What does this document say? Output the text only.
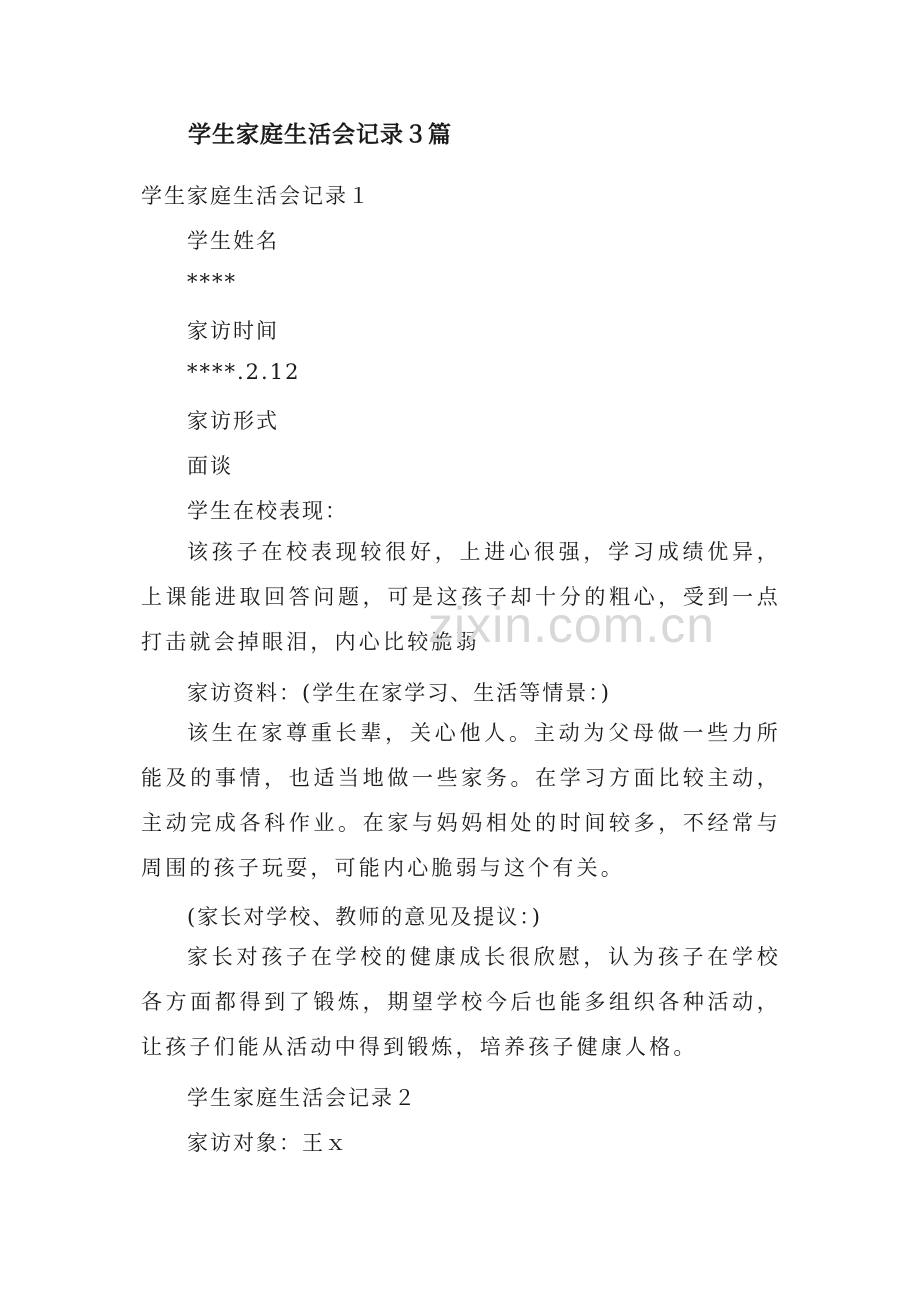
学生家庭生活会记录３篇
学生家庭生活会记录１
学生姓名
****
家访时间
****.2.12
家访形式
面谈
学生在校表现：
该孩子在校表现较很好，上进心很强，学习成绩优异，上课能进取回答问题，可是这孩子却十分的粗心，受到一点打击就会掉眼泪，内心比较脆弱
家访资料：(学生在家学习、生活等情景：)
该生在家尊重长辈，关心他人。主动为父母做一些力所能及的事情，也适当地做一些家务。在学习方面比较主动，主动完成各科作业。在家与妈妈相处的时间较多，不经常与周围的孩子玩耍，可能内心脆弱与这个有关。
(家长对学校、教师的意见及提议：)
家长对孩子在学校的健康成长很欣慰，认为孩子在学校各方面都得到了锻炼，期望学校今后也能多组织各种活动，让孩子们能从活动中得到锻炼，培养孩子健康人格。
学生家庭生活会记录２
家访对象：王ｘ
zixin.com.cn
